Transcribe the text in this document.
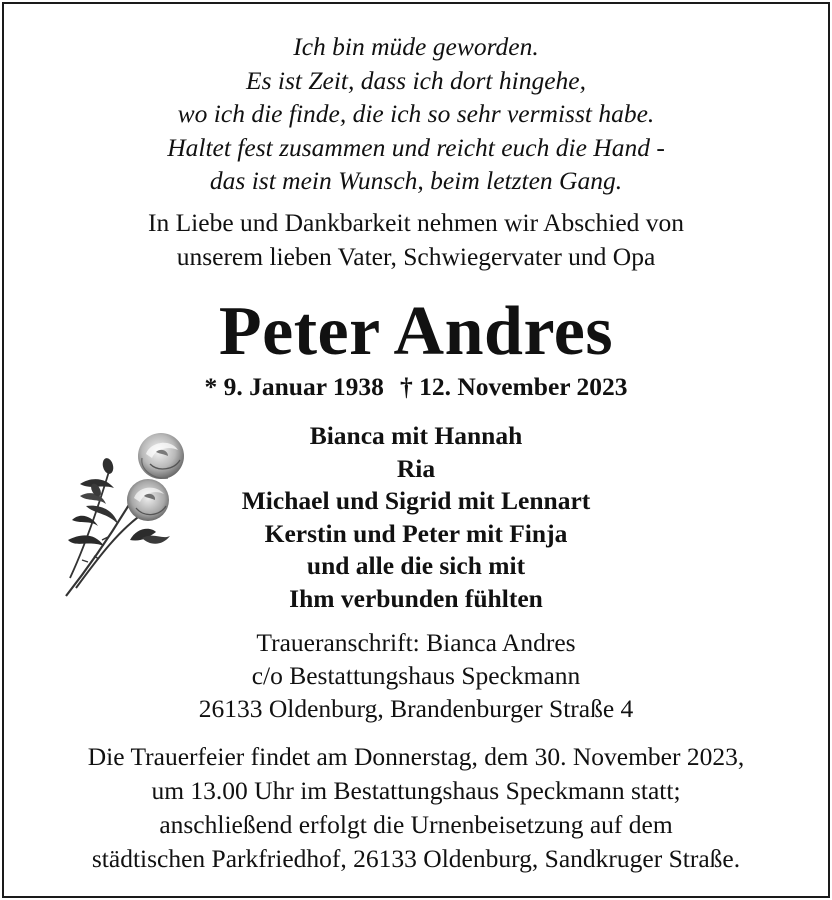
Ich bin müde geworden.
Es ist Zeit, dass ich dort hingehe,
wo ich die finde, die ich so sehr vermisst habe.
Haltet fest zusammen und reicht euch die Hand -
das ist mein Wunsch, beim letzten Gang.
In Liebe und Dankbarkeit nehmen wir Abschied von
unserem lieben Vater, Schwiegervater und Opa
Peter Andres
* 9. Januar 1938 † 12. November 2023
Bianca mit Hannah
Ria
Michael und Sigrid mit Lennart
Kerstin und Peter mit Finja
und alle die sich mit
Ihm verbunden fühlten
Traueranschrift: Bianca Andres
c/o Bestattungshaus Speckmann
26133 Oldenburg, Brandenburger Straße 4
Die Trauerfeier findet am Donnerstag, dem 30. November 2023,
um 13.00 Uhr im Bestattungshaus Speckmann statt;
anschließend erfolgt die Urnenbeisetzung auf dem
städtischen Parkfriedhof, 26133 Oldenburg, Sandkruger Straße.
